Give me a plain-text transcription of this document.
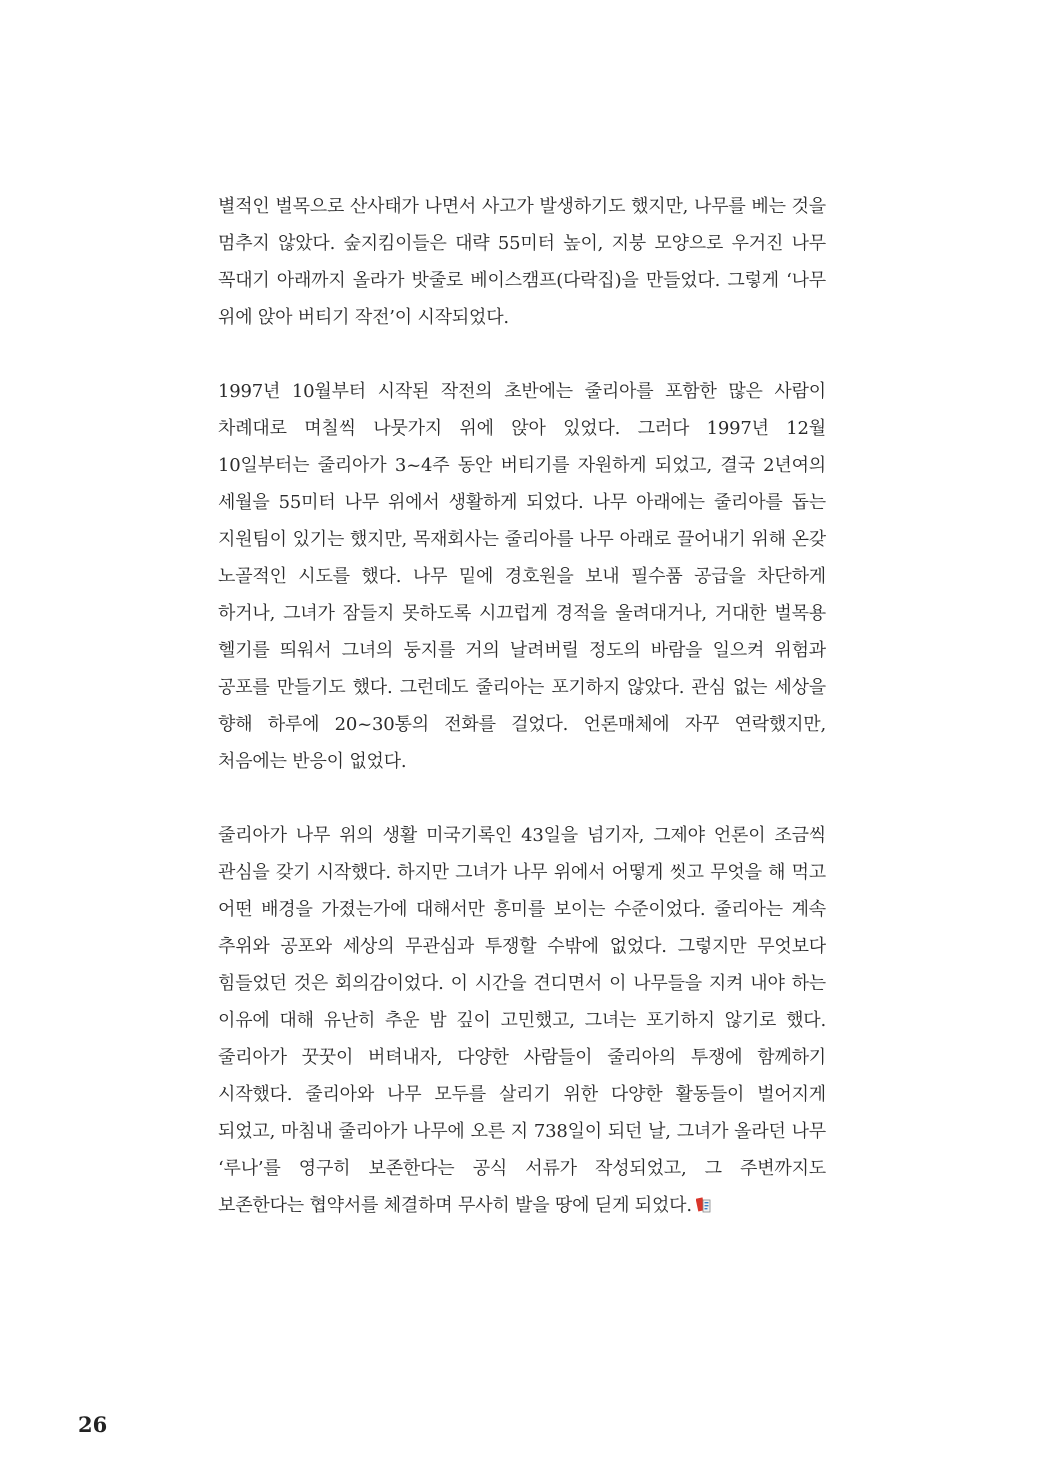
별적인 벌목으로 산사태가 나면서 사고가 발생하기도 했지만, 나무를 베는 것을 멈추지 않았다. 숲지킴이들은 대략 55미터 높이, 지붕 모양으로 우거진 나무 꼭대기 아래까지 올라가 밧줄로 베이스캠프(다락집)을 만들었다. 그렇게 ‘나무 위에 앉아 버티기 작전’이 시작되었다.

1997년 10월부터 시작된 작전의 초반에는 줄리아를 포함한 많은 사람이 차례대로 며칠씩 나뭇가지 위에 앉아 있었다. 그러다 1997년 12월 10일부터는 줄리아가 3~4주 동안 버티기를 자원하게 되었고, 결국 2년여의 세월을 55미터 나무 위에서 생활하게 되었다. 나무 아래에는 줄리아를 돕는 지원팀이 있기는 했지만, 목재회사는 줄리아를 나무 아래로 끌어내기 위해 온갖 노골적인 시도를 했다. 나무 밑에 경호원을 보내 필수품 공급을 차단하게 하거나, 그녀가 잠들지 못하도록 시끄럽게 경적을 울려대거나, 거대한 벌목용 헬기를 띄워서 그녀의 둥지를 거의 날려버릴 정도의 바람을 일으켜 위험과 공포를 만들기도 했다. 그런데도 줄리아는 포기하지 않았다. 관심 없는 세상을 향해 하루에 20~30통의 전화를 걸었다. 언론매체에 자꾸 연락했지만, 처음에는 반응이 없었다.

줄리아가 나무 위의 생활 미국기록인 43일을 넘기자, 그제야 언론이 조금씩 관심을 갖기 시작했다. 하지만 그녀가 나무 위에서 어떻게 씻고 무엇을 해 먹고 어떤 배경을 가졌는가에 대해서만 흥미를 보이는 수준이었다. 줄리아는 계속 추위와 공포와 세상의 무관심과 투쟁할 수밖에 없었다. 그렇지만 무엇보다 힘들었던 것은 회의감이었다. 이 시간을 견디면서 이 나무들을 지켜 내야 하는 이유에 대해 유난히 추운 밤 깊이 고민했고, 그녀는 포기하지 않기로 했다. 줄리아가 꿋꿋이 버텨내자, 다양한 사람들이 줄리아의 투쟁에 함께하기 시작했다. 줄리아와 나무 모두를 살리기 위한 다양한 활동들이 벌어지게 되었고, 마침내 줄리아가 나무에 오른 지 738일이 되던 날, 그녀가 올라던 나무 ‘루나’를 영구히 보존한다는 공식 서류가 작성되었고, 그 주변까지도 보존한다는 협약서를 체결하며 무사히 발을 땅에 딛게 되었다.

26
